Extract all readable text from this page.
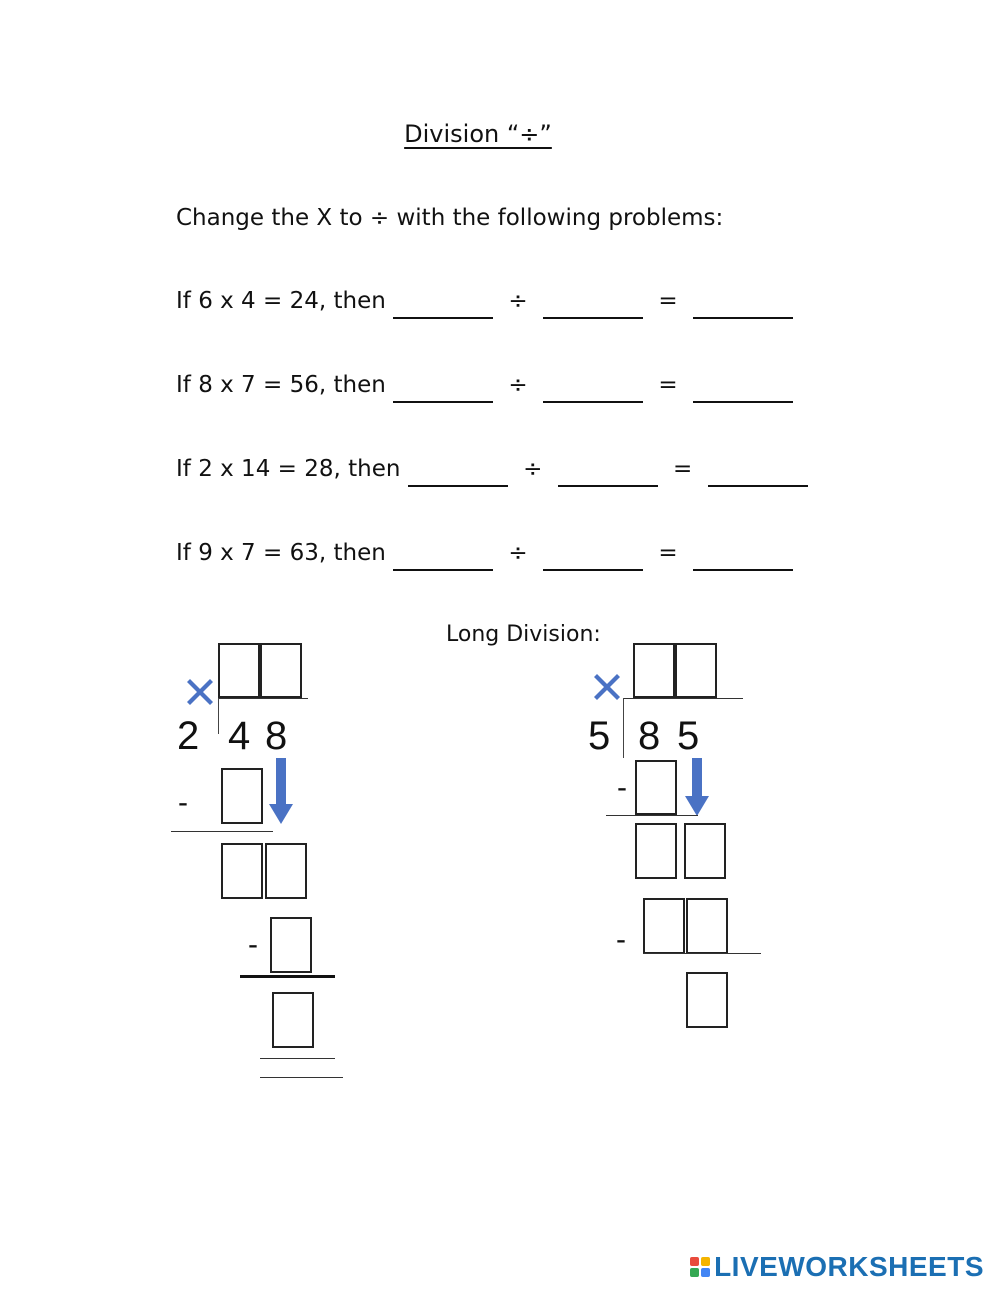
Division “÷”
Change the X to ÷ with the following problems:
If 6 x 4 = 24, then	÷	=
If 8 x 7 = 56, then	÷	=
If 2 x 14 = 28, then	÷	=
If 9 x 7 = 63, then	÷	=
Long Division:
2 4 8
-
-
5 8 5
-
-
LIVEWORKSHEETS
